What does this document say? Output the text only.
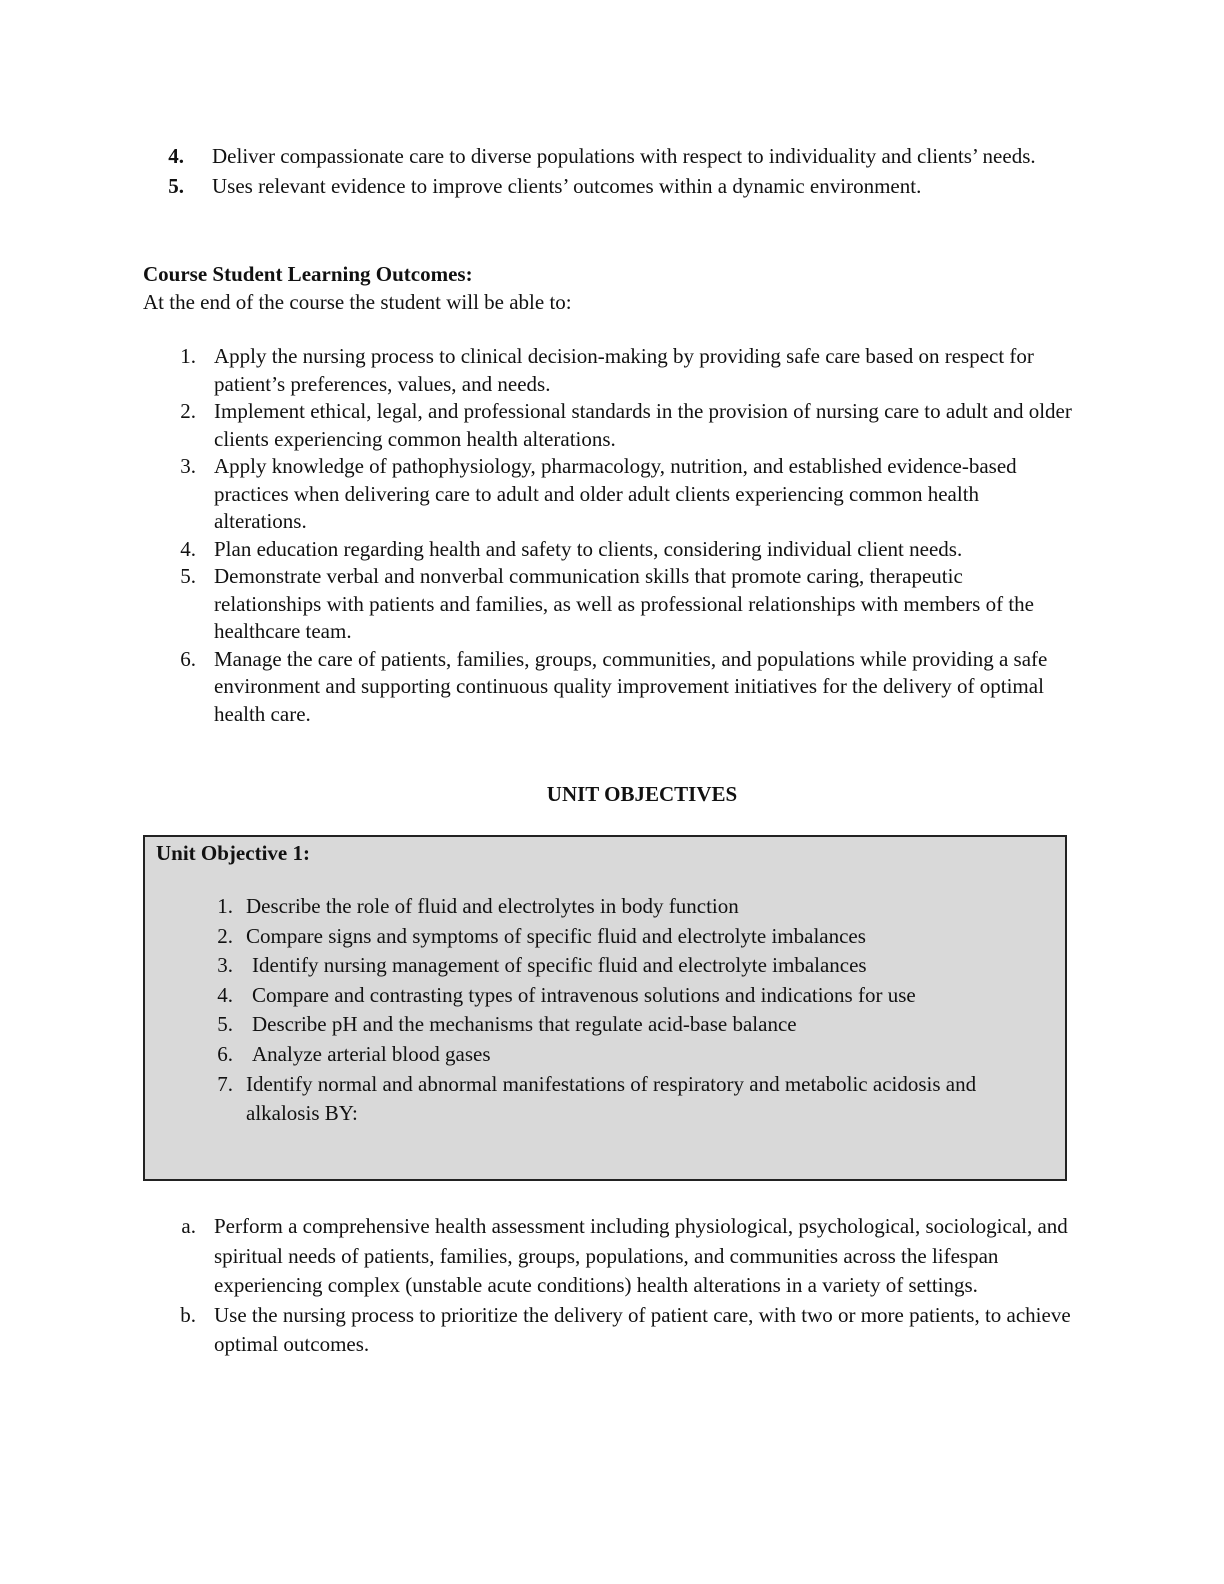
4. Deliver compassionate care to diverse populations with respect to individuality and clients’ needs.
5. Uses relevant evidence to improve clients’ outcomes within a dynamic environment.
Course Student Learning Outcomes:
At the end of the course the student will be able to:
1. Apply the nursing process to clinical decision-making by providing safe care based on respect for patient’s preferences, values, and needs.
2. Implement ethical, legal, and professional standards in the provision of nursing care to adult and older clients experiencing common health alterations.
3. Apply knowledge of pathophysiology, pharmacology, nutrition, and established evidence-based practices when delivering care to adult and older adult clients experiencing common health alterations.
4. Plan education regarding health and safety to clients, considering individual client needs.
5. Demonstrate verbal and nonverbal communication skills that promote caring, therapeutic relationships with patients and families, as well as professional relationships with members of the healthcare team.
6. Manage the care of patients, families, groups, communities, and populations while providing a safe environment and supporting continuous quality improvement initiatives for the delivery of optimal health care.
UNIT OBJECTIVES
Unit Objective 1:
1. Describe the role of fluid and electrolytes in body function
2. Compare signs and symptoms of specific fluid and electrolyte imbalances
3. Identify nursing management of specific fluid and electrolyte imbalances
4. Compare and contrasting types of intravenous solutions and indications for use
5. Describe pH and the mechanisms that regulate acid-base balance
6. Analyze arterial blood gases
7. Identify normal and abnormal manifestations of respiratory and metabolic acidosis and alkalosis BY:
a. Perform a comprehensive health assessment including physiological, psychological, sociological, and spiritual needs of patients, families, groups, populations, and communities across the lifespan experiencing complex (unstable acute conditions) health alterations in a variety of settings.
b. Use the nursing process to prioritize the delivery of patient care, with two or more patients, to achieve optimal outcomes.
